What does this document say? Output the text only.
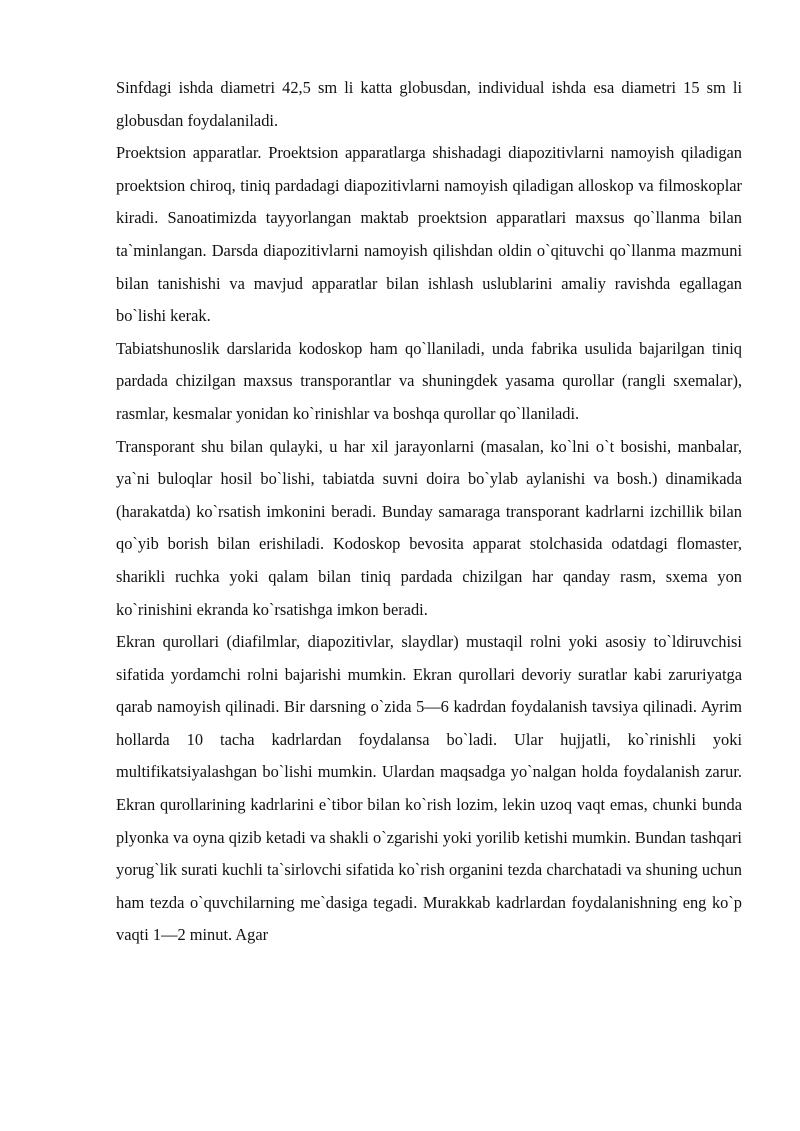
Sinfdagi ishda diametri 42,5 sm li katta globusdan, individual ishda esa diametri 15 sm li globusdan foydalaniladi.

Proektsion apparatlar. Proektsion apparatlarga shishadagi diapozitivlarni namoyish qiladigan proektsion chiroq, tiniq pardadagi diapozitivlarni namoyish qiladigan alloskop va filmoskoplar kiradi. Sanoatimizda tayyorlangan maktab proektsion apparatlari maxsus qo`llanma bilan ta`minlangan. Darsda diapozitivlarni namoyish qilishdan oldin o`qituvchi qo`llanma mazmuni bilan tanishishi va mavjud apparatlar bilan ishlash uslublarini amaliy ravishda egallagan bo`lishi kerak.

Tabiatshunoslik darslarida kodoskop ham qo`llaniladi, unda fabrika usulida bajarilgan tiniq pardada chizilgan maxsus transporantlar va shuningdek yasama qurollar (rangli sxemalar), rasmlar, kesmalar yonidan ko`rinishlar va boshqa qurollar qo`llaniladi.

Transporant shu bilan qulayki, u har xil jarayonlarni (masalan, ko`lni o`t bosishi, manbalar, ya`ni buloqlar hosil bo`lishi, tabiatda suvni doira bo`ylab aylanishi va bosh.) dinamikada (harakatda) ko`rsatish imkonini beradi. Bunday samaraga transporant kadrlarni izchillik bilan qo`yib borish bilan erishiladi. Kodoskop bevosita apparat stolchasida odatdagi flomaster, sharikli ruchka yoki qalam bilan tiniq pardada chizilgan har qanday rasm, sxema yon ko`rinishini ekranda ko`rsatishga imkon beradi.

Ekran qurollari (diafilmlar, diapozitivlar, slaydlar) mustaqil rolni yoki asosiy to`ldiruvchisi sifatida yordamchi rolni bajarishi mumkin. Ekran qurollari devoriy suratlar kabi zaruriyatga qarab namoyish qilinadi. Bir darsning o`zida 5—6 kadrdan foydalanish tavsiya qilinadi. Ayrim hollarda 10 tacha kadrlardan foydalansa bo`ladi. Ular hujjatli, ko`rinishli yoki multifikatsiyalashgan bo`lishi mumkin. Ulardan maqsadga yo`nalgan holda foydalanish zarur. Ekran qurollarining kadrlarini e`tibor bilan ko`rish lozim, lekin uzoq vaqt emas, chunki bunda plyonka va oyna qizib ketadi va shakli o`zgarishi yoki yorilib ketishi mumkin. Bundan tashqari yorug`lik surati kuchli ta`sirlovchi sifatida ko`rish organini tezda charchatadi va shuning uchun ham tezda o`quvchilarning me`dasiga tegadi. Murakkab kadrlardan foydalanishning eng ko`p vaqti 1—2 minut. Agar
